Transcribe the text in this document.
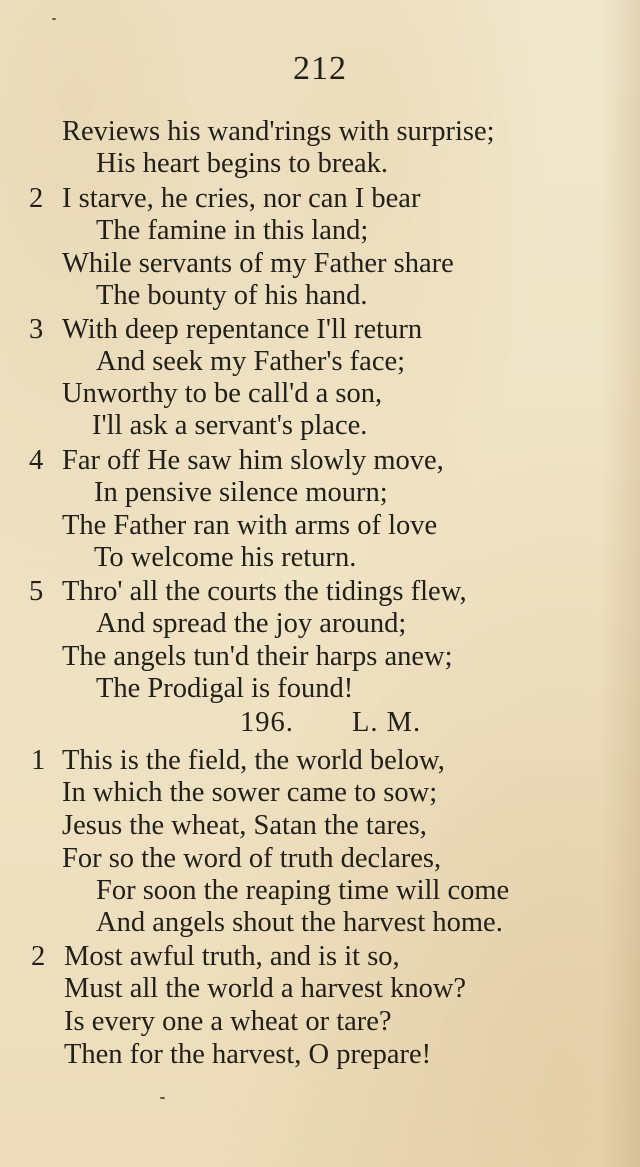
212
Reviews his wand'rings with surprise;
His heart begins to break.
2 I starve, he cries, nor can I bear
The famine in this land;
While servants of my Father share
The bounty of his hand.
3 With deep repentance I'll return
And seek my Father's face;
Unworthy to be call'd a son,
I'll ask a servant's place.
4 Far off He saw him slowly move,
In pensive silence mourn;
The Father ran with arms of love
To welcome his return.
5 Thro' all the courts the tidings flew,
And spread the joy around;
The angels tun'd their harps anew;
The Prodigal is found!
196. L. M.
1 This is the field, the world below,
In which the sower came to sow;
Jesus the wheat, Satan the tares,
For so the word of truth declares,
For soon the reaping time will come
And angels shout the harvest home.
2 Most awful truth, and is it so,
Must all the world a harvest know?
Is every one a wheat or tare?
Then for the harvest, O prepare!
